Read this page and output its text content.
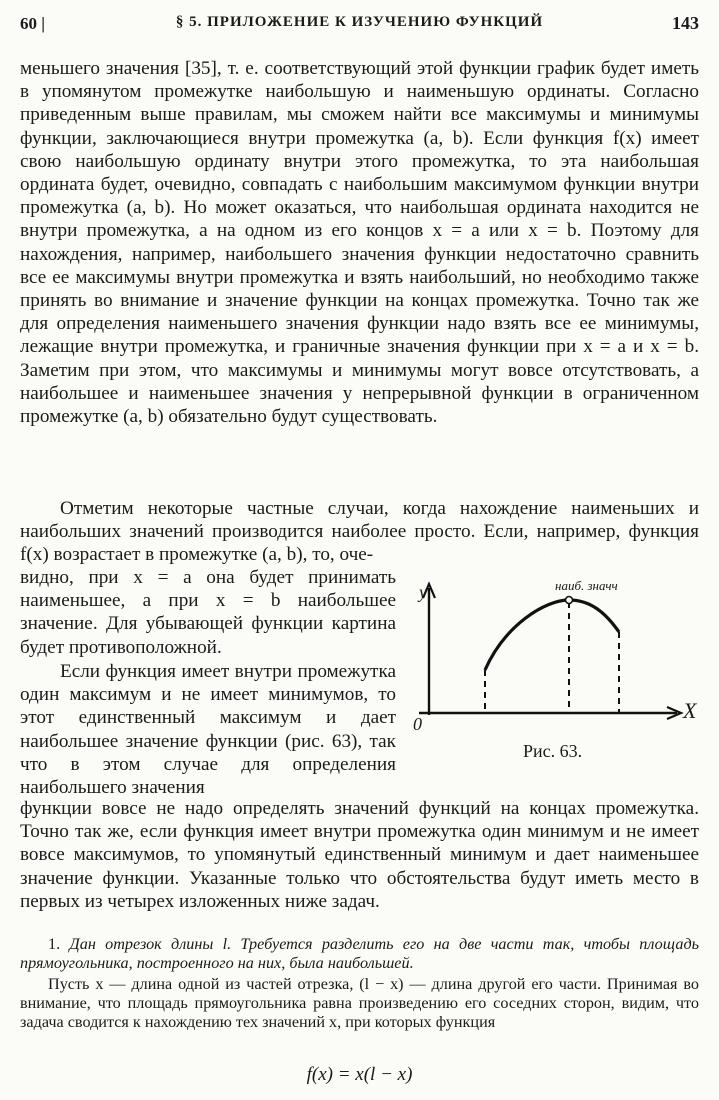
60 |	§ 5. ПРИЛОЖЕНИЕ К ИЗУЧЕНИЮ ФУНКЦИЙ	143
меньшего значения [35], т. е. соответствующий этой функции график будет иметь в упомянутом промежутке наибольшую и наименьшую ординаты. Согласно приведенным выше правилам, мы сможем найти все максимумы и минимумы функции, заключающиеся внутри промежутка (a, b). Если функция f(x) имеет свою наибольшую ординату внутри этого промежутка, то эта наибольшая ордината будет, очевидно, совпадать с наибольшим максимумом функции внутри промежутка (a, b). Но может оказаться, что наибольшая ордината находится не внутри промежутка, а на одном из его концов x = a или x = b. Поэтому для нахождения, например, наибольшего значения функции недостаточно сравнить все ее максимумы внутри промежутка и взять наибольший, но необходимо также принять во внимание и значение функции на концах промежутка. Точно так же для определения наименьшего значения функции надо взять все ее минимумы, лежащие внутри промежутка, и граничные значения функции при x = a и x = b. Заметим при этом, что максимумы и минимумы могут вовсе отсутствовать, а наибольшее и наименьшее значения у непрерывной функции в ограниченном промежутке (a, b) обязательно будут существовать.
Отметим некоторые частные случаи, когда нахождение наименьших и наибольших значений производится наиболее просто. Если, например, функция f(x) возрастает в промежутке (a, b), то, оче-
видно, при x = a она будет принимать наименьшее, а при x = b наибольшее значение. Для убывающей функции картина будет противоположной.
Если функция имеет внутри промежутка один максимум и не имеет минимумов, то этот единственный максимум и дает наибольшее значение функции (рис. 63), так что в этом случае для определения наибольшего значения
функции вовсе не надо определять значений функций на концах промежутка. Точно так же, если функция имеет внутри промежутка один минимум и не имеет вовсе максимумов, то упомянутый единственный минимум и дает наименьшее значение функции. Указанные только что обстоятельства будут иметь место в первых из четырех изложенных ниже задач.
y
X
0
наиб. значч
Рис. 63.
1. Дан отрезок длины l. Требуется разделить его на две части так, чтобы площадь прямоугольника, построенного на них, была наибольшей.
Пусть x — длина одной из частей отрезка, (l − x) — длина другой его части. Принимая во внимание, что площадь прямоугольника равна произведению его соседних сторон, видим, что задача сводится к нахождению тех значений x, при которых функция
f(x) = x(l − x)
